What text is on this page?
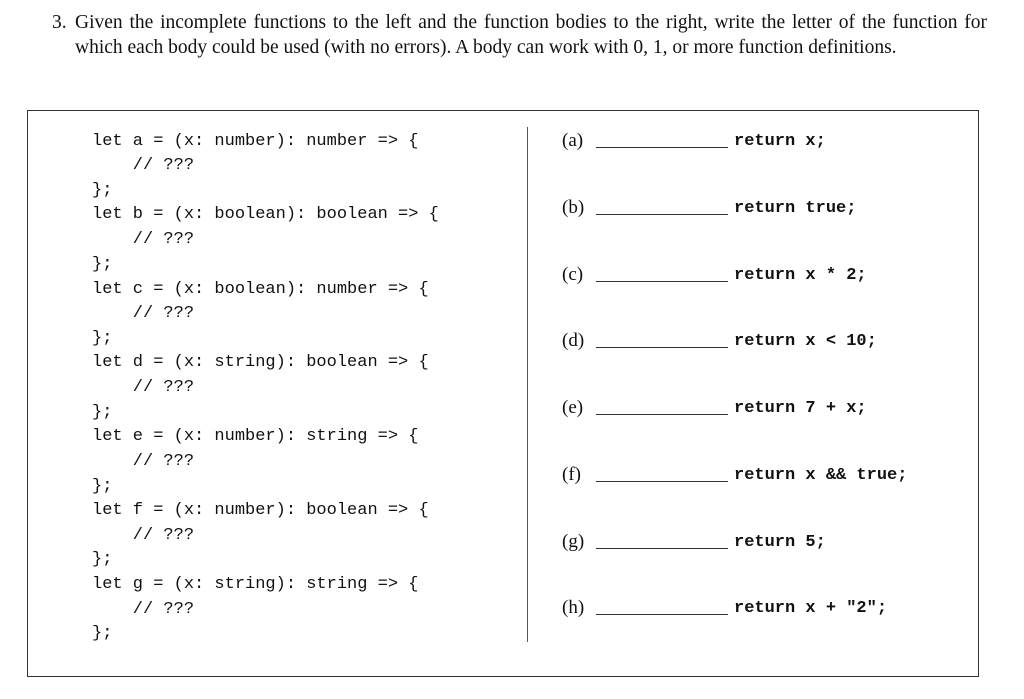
3. Given the incomplete functions to the left and the function bodies to the right, write the letter of the function for which each body could be used (with no errors). A body can work with 0, 1, or more function definitions.
let a = (x: number): number => {
// ???
};
let b = (x: boolean): boolean => {
// ???
};
let c = (x: boolean): number => {
// ???
};
let d = (x: string): boolean => {
// ???
};
let e = (x: number): string => {
// ???
};
let f = (x: number): boolean => {
// ???
};
let g = (x: string): string => {
// ???
};
(a)	return x;
(b)	return true;
(c)	return x * 2;
(d)	return x < 10;
(e)	return 7 + x;
(f)	return x && true;
(g)	return 5;
(h)	return x + "2";
